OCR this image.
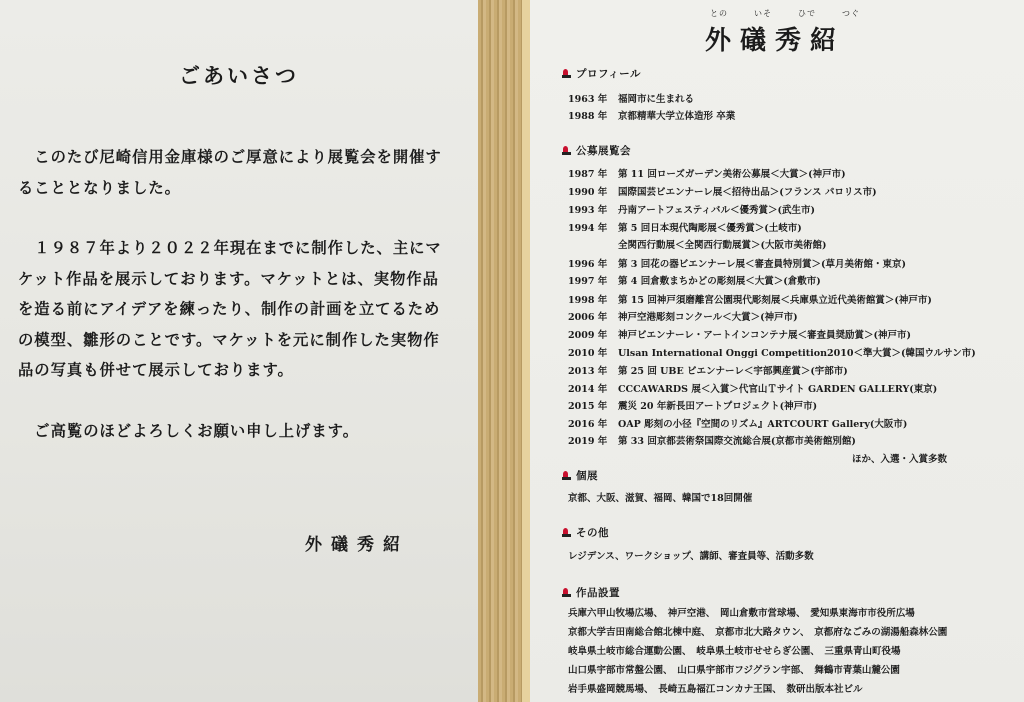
ごあいさつ

　このたび尼崎信用金庫様のご厚意により展覧会を開催することとなりました。

　１９８７年より２０２２年現在までに制作した、主にマケット作品を展示しております。マケットとは、実物作品を造る前にアイデアを練ったり、制作の計画を立てるための模型、雛形のことです。マケットを元に制作した実物作品の写真も併せて展示しております。

　ご高覧のほどよろしくお願い申し上げます。

外礒秀紹
との	いそ	ひで	つぐ
外礒秀紹
プロフィール
1963 年	福岡市に生まれる
1988 年	京都精華大学立体造形 卒業
公募展覧会
1987 年	第 11 回ローズガーデン美術公募展＜大賞＞(神戸市)
1990 年	国際国芸ビエンナーレ展＜招待出品＞(フランス パロリス市)
1993 年	丹南アートフェスティバル＜優秀賞＞(武生市)
1994 年	第 5 回日本現代陶彫展＜優秀賞＞(土岐市)
全関西行動展＜全関西行動展賞＞(大阪市美術館)
1996 年	第 3 回花の器ビエンナーレ展＜審査員特別賞＞(草月美術館・東京)
1997 年	第 4 回倉敷まちかどの彫刻展＜大賞＞(倉敷市)
1998 年	第 15 回神戸須磨離宮公園現代彫刻展＜兵庫県立近代美術館賞＞(神戸市)
2006 年	神戸空港彫刻コンクール＜大賞＞(神戸市)
2009 年	神戸ビエンナーレ・アートインコンテナ展＜審査員奨励賞＞(神戸市)
2010 年	Ulsan International Onggi Competition2010＜準大賞＞(韓国ウルサン市)
2013 年	第 25 回 UBE ビエンナーレ＜宇部興産賞＞(宇部市)
2014 年	CCCAWARDS 展＜入賞＞代官山Ｔサイト GARDEN GALLERY(東京)
2015 年	震災 20 年新長田アートプロジェクト(神戸市)
2016 年	OAP 彫刻の小径『空間のリズム』ARTCOURT Gallery(大阪市)
2019 年	第 33 回京都芸術祭国際交流総合展(京都市美術館別館)
ほか、入選・入賞多数
個展
京都、大阪、滋賀、福岡、韓国で18回開催
その他
レジデンス、ワークショップ、講師、審査員等、活動多数
作品設置
兵庫六甲山牧場広場、　神戸空港、　岡山倉敷市営球場、　愛知県東海市市役所広場
京都大学吉田南総合館北棟中庭、　京都市北大路タウン、　京都府なごみの湖湯船森林公園
岐阜県土岐市総合運動公園、　岐阜県土岐市せせらぎ公園、　三重県青山町役場
山口県宇部市常盤公園、　山口県宇部市フジグラン宇部、　舞鶴市青葉山麓公園
岩手県盛岡競馬場、　長崎五島福江コンカナ王国、　数研出版本社ビル
